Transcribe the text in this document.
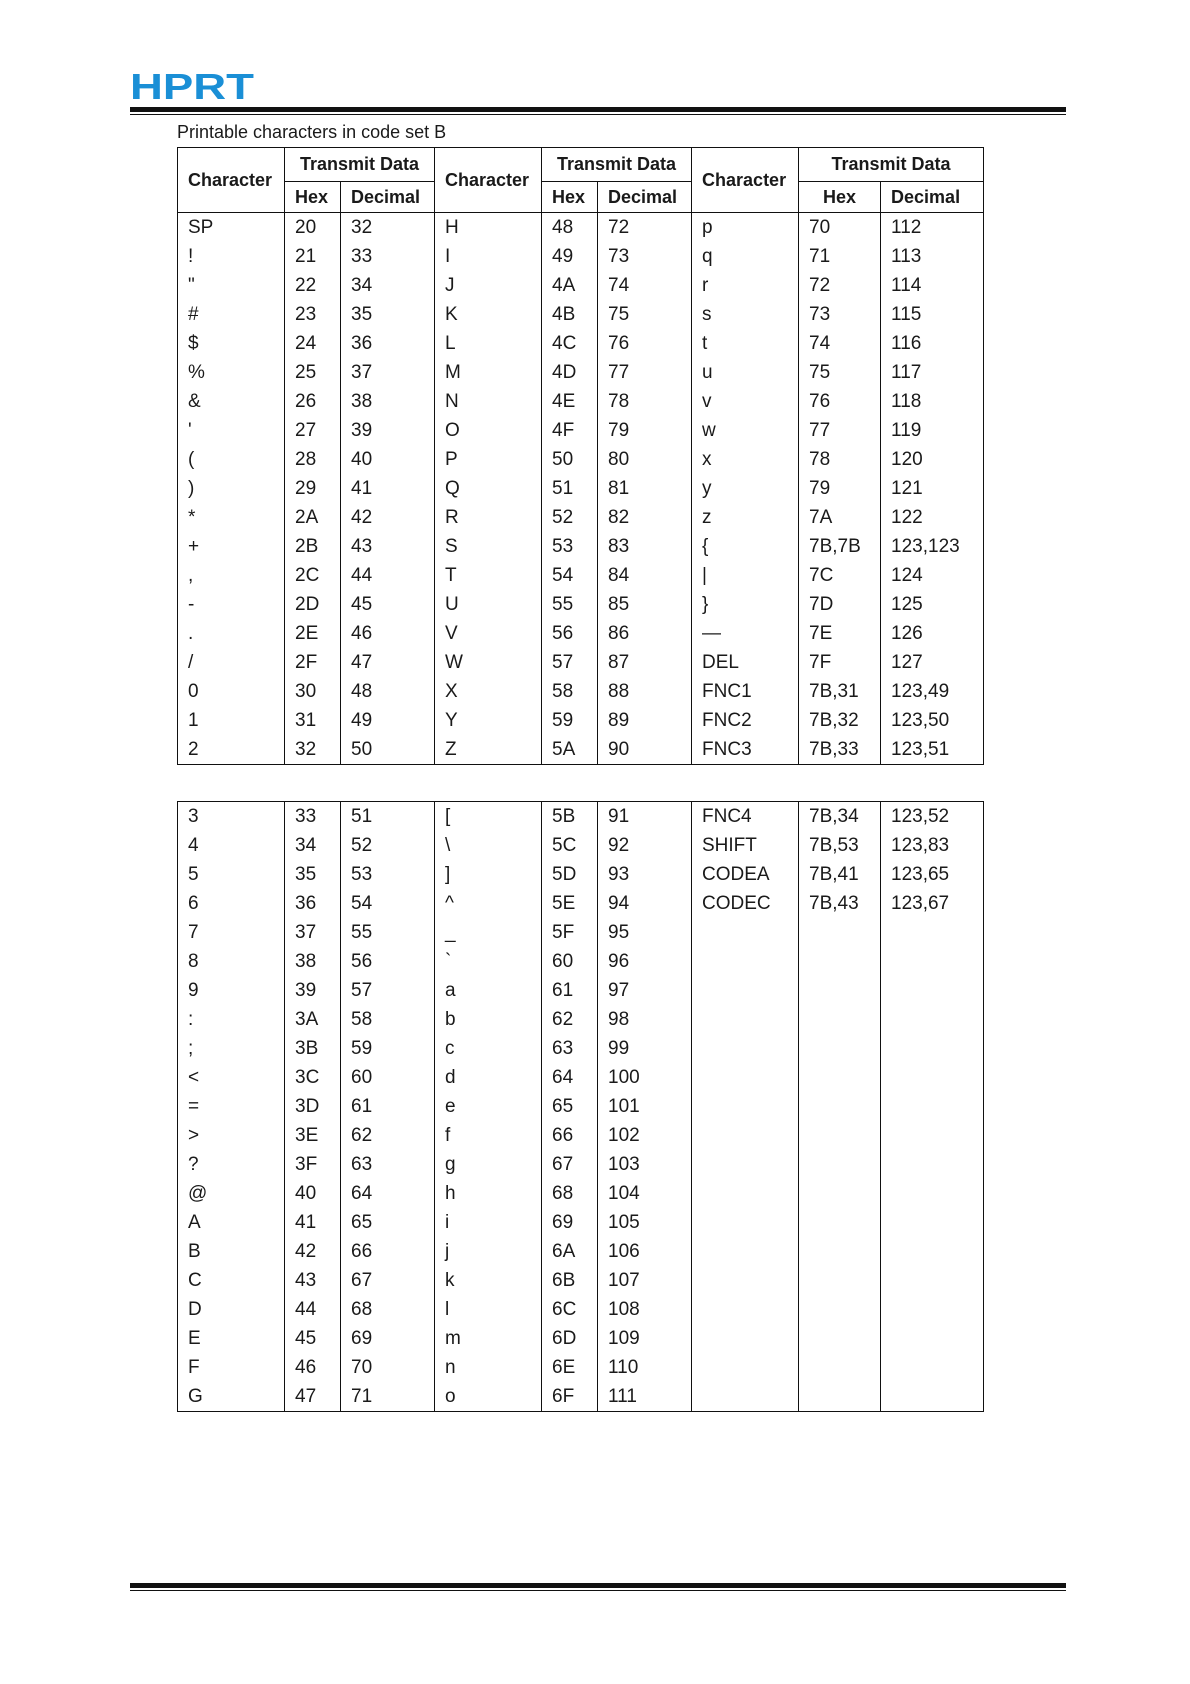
HPRT
Printable characters in code set B
Character	Transmit Data		Character	Transmit Data		Character	Transmit Data	
	Hex	Decimal		Hex	Decimal		Hex	Decimal
SP	20	32	H	48	72	p	70	112
!	21	33	I	49	73	q	71	113
"	22	34	J	4A	74	r	72	114
#	23	35	K	4B	75	s	73	115
$	24	36	L	4C	76	t	74	116
%	25	37	M	4D	77	u	75	117
&	26	38	N	4E	78	v	76	118
'	27	39	O	4F	79	w	77	119
(	28	40	P	50	80	x	78	120
)	29	41	Q	51	81	y	79	121
*	2A	42	R	52	82	z	7A	122
+	2B	43	S	53	83	{	7B,7B	123,123
,	2C	44	T	54	84	|	7C	124
-	2D	45	U	55	85	}	7D	125
.	2E	46	V	56	86	—	7E	126
/	2F	47	W	57	87	DEL	7F	127
0	30	48	X	58	88	FNC1	7B,31	123,49
1	31	49	Y	59	89	FNC2	7B,32	123,50
2	32	50	Z	5A	90	FNC3	7B,33	123,51
3	33	51	[	5B	91	FNC4	7B,34	123,52
4	34	52	\	5C	92	SHIFT	7B,53	123,83
5	35	53	]	5D	93	CODEA	7B,41	123,65
6	36	54	^	5E	94	CODEC	7B,43	123,67
7	37	55	_	5F	95			
8	38	56	`	60	96			
9	39	57	a	61	97			
:	3A	58	b	62	98			
;	3B	59	c	63	99			
<	3C	60	d	64	100			
=	3D	61	e	65	101			
>	3E	62	f	66	102			
?	3F	63	g	67	103			
@	40	64	h	68	104			
A	41	65	i	69	105			
B	42	66	j	6A	106			
C	43	67	k	6B	107			
D	44	68	l	6C	108			
E	45	69	m	6D	109			
F	46	70	n	6E	110			
G	47	71	o	6F	111			
